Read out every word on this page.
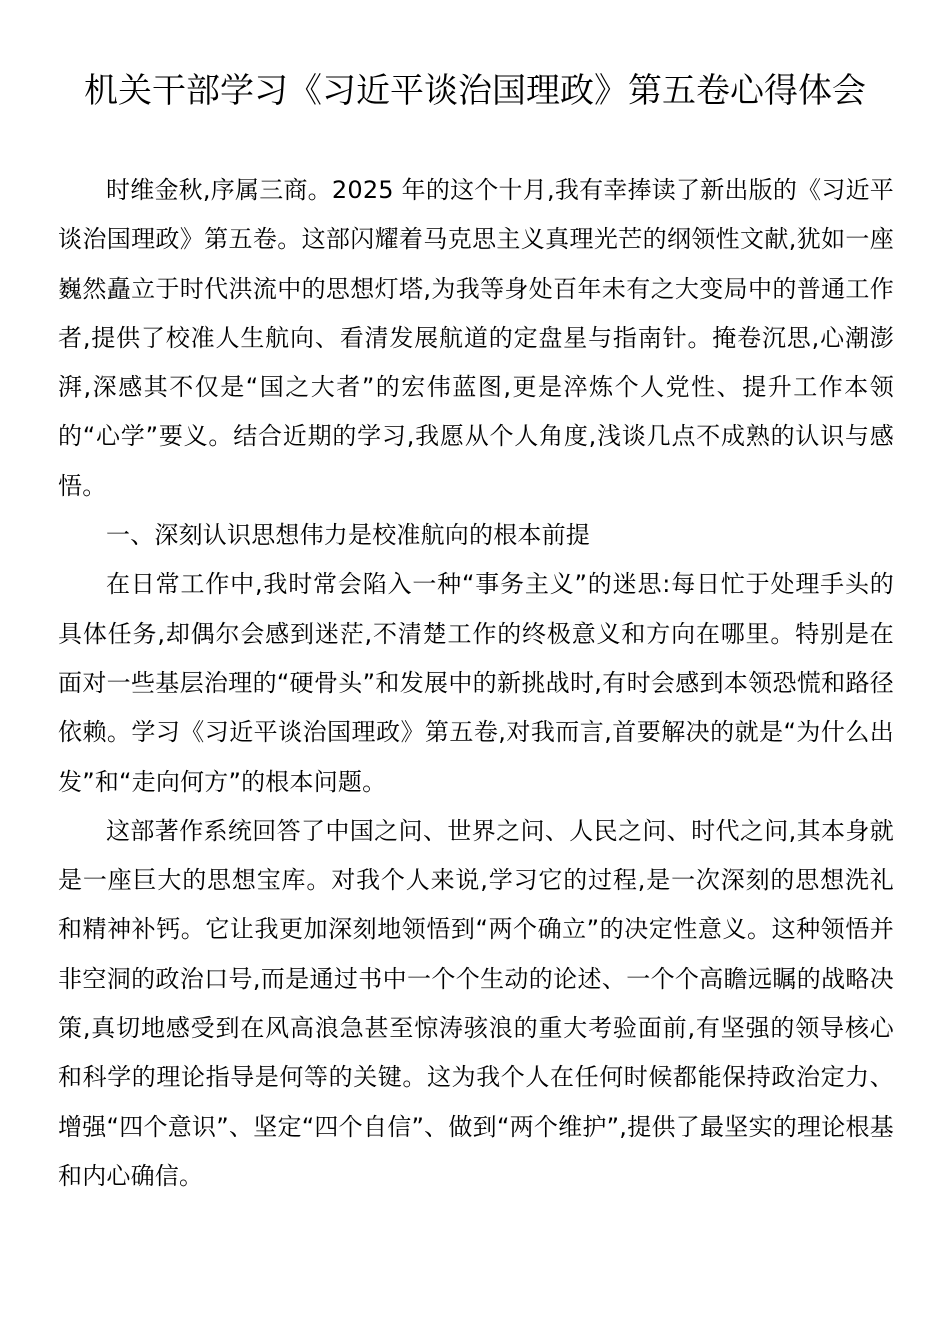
机关干部学习《习近平谈治国理政》第五卷心得体会

时维金秋,序属三商。2025 年的这个十月,我有幸捧读了新出版的《习近平谈治国理政》第五卷。这部闪耀着马克思主义真理光芒的纲领性文献,犹如一座巍然矗立于时代洪流中的思想灯塔,为我等身处百年未有之大变局中的普通工作者,提供了校准人生航向、看清发展航道的定盘星与指南针。掩卷沉思,心潮澎湃,深感其不仅是“国之大者”的宏伟蓝图,更是淬炼个人党性、提升工作本领的“心学”要义。结合近期的学习,我愿从个人角度,浅谈几点不成熟的认识与感悟。

一、深刻认识思想伟力是校准航向的根本前提

在日常工作中,我时常会陷入一种“事务主义”的迷思:每日忙于处理手头的具体任务,却偶尔会感到迷茫,不清楚工作的终极意义和方向在哪里。特别是在面对一些基层治理的“硬骨头”和发展中的新挑战时,有时会感到本领恐慌和路径依赖。学习《习近平谈治国理政》第五卷,对我而言,首要解决的就是“为什么出发”和“走向何方”的根本问题。

这部著作系统回答了中国之问、世界之问、人民之问、时代之问,其本身就是一座巨大的思想宝库。对我个人来说,学习它的过程,是一次深刻的思想洗礼和精神补钙。它让我更加深刻地领悟到“两个确立”的决定性意义。这种领悟并非空洞的政治口号,而是通过书中一个个生动的论述、一个个高瞻远瞩的战略决策,真切地感受到在风高浪急甚至惊涛骇浪的重大考验面前,有坚强的领导核心和科学的理论指导是何等的关键。这为我个人在任何时候都能保持政治定力、增强“四个意识”、坚定“四个自信”、做到“两个维护”,提供了最坚实的理论根基和内心确信。
